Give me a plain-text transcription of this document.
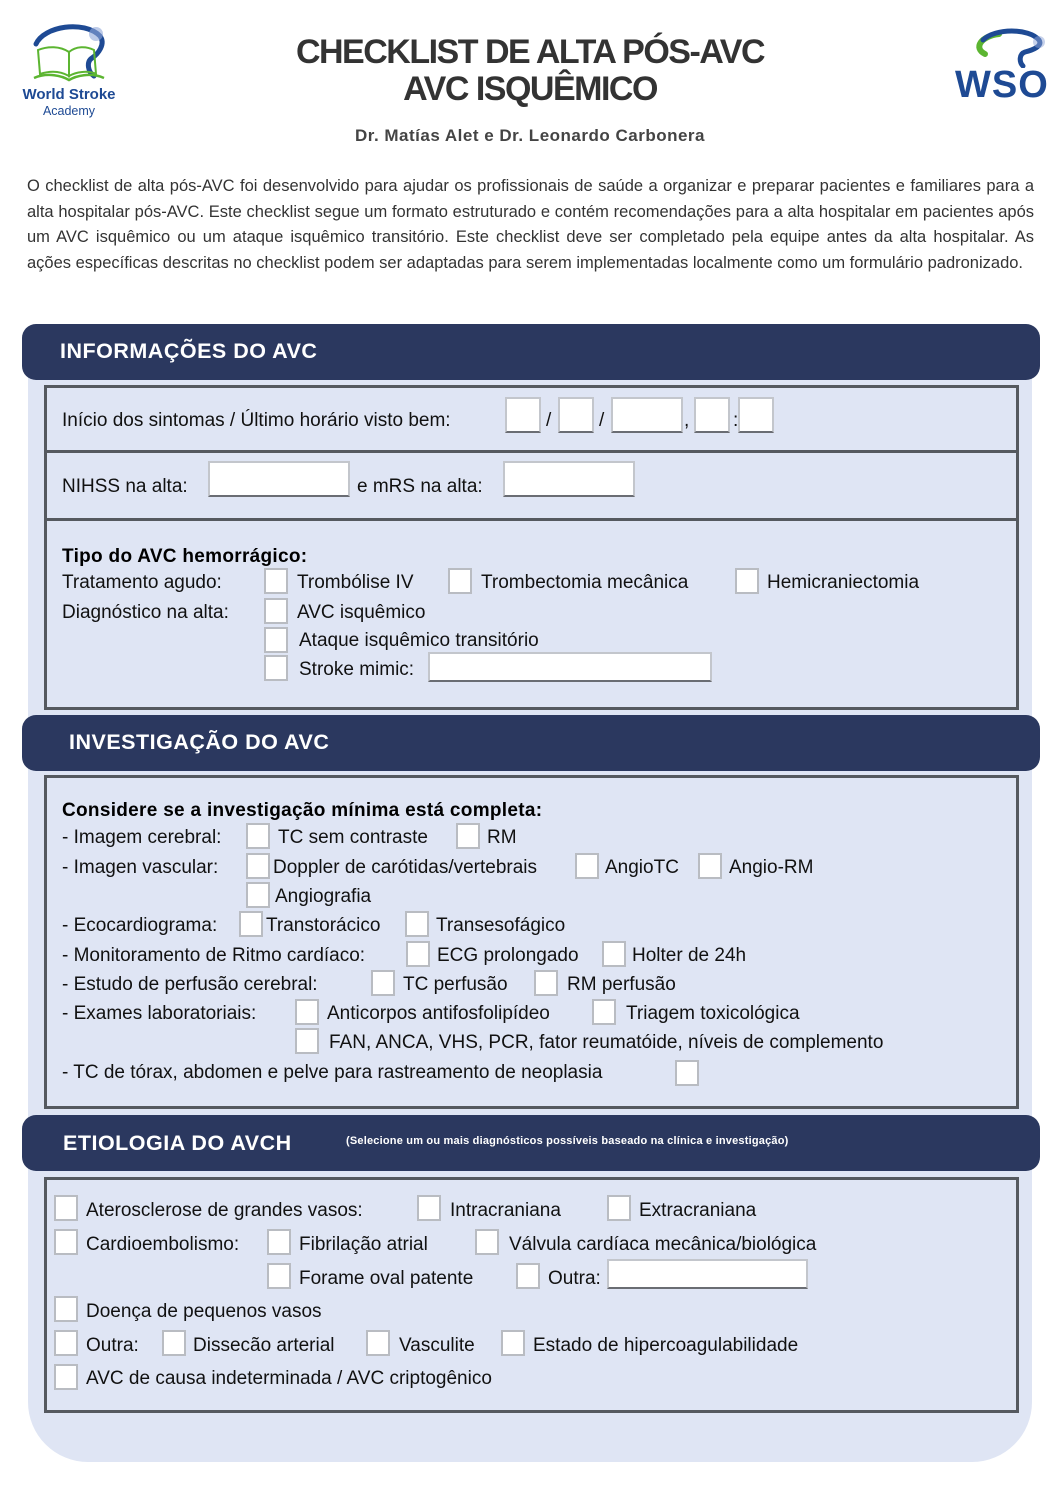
World Stroke
Academy
CHECKLIST DE ALTA PÓS-AVC
AVC ISQUÊMICO	WSO
Dr. Matías Alet e Dr. Leonardo Carbonera

O checklist de alta pós-AVC foi desenvolvido para ajudar os profissionais de saúde a organizar e preparar pacientes e familiares para a alta hospitalar pós-AVC. Este checklist segue um formato estruturado e contém recomendações para a alta hospitalar em pacientes após um AVC isquêmico ou um ataque isquêmico transitório. Este checklist deve ser completado pela equipe antes da alta hospitalar. As ações específicas descritas no checklist podem ser adaptadas para serem implementadas localmente como um formulário padronizado.

INFORMAÇÕES DO AVC
Início dos sintomas / Último horário visto bem:	/	/	, :
NIHSS na alta:	e mRS na alta:
Tipo do AVC hemorrágico:
Tratamento agudo:	Trombólise IV	Trombectomia mecânica	Hemicraniectomia
Diagnóstico na alta:	AVC isquêmico
Ataque isquêmico transitório
Stroke mimic:
INVESTIGAÇÃO DO AVC
Considere se a investigação mínima está completa:
- Imagem cerebral:	TC sem contraste	RM
- Imagen vascular:	Doppler de carótidas/vertebrais	AngioTC	Angio-RM
Angiografia
- Ecocardiograma:	Transtorácico	Transesofágico
- Monitoramento de Ritmo cardíaco:	ECG prolongado	Holter de 24h
- Estudo de perfusão cerebral:	TC perfusão	RM perfusão
- Exames laboratoriais:	Anticorpos antifosfolipídeo	Triagem toxicológica
FAN, ANCA, VHS, PCR, fator reumatóide, níveis de complemento
- TC de tórax, abdomen e pelve para rastreamento de neoplasia
ETIOLOGIA DO AVCH	(Selecione um ou mais diagnósticos possíveis baseado na clínica e investigação)
Aterosclerose de grandes vasos:	Intracraniana	Extracraniana
Cardioembolismo:	Fibrilação atrial	Válvula cardíaca mecânica/biológica
Forame oval patente	Outra:
Doença de pequenos vasos
Outra:	Dissecão arterial	Vasculite	Estado de hipercoagulabilidade
AVC de causa indeterminada / AVC criptogênico
